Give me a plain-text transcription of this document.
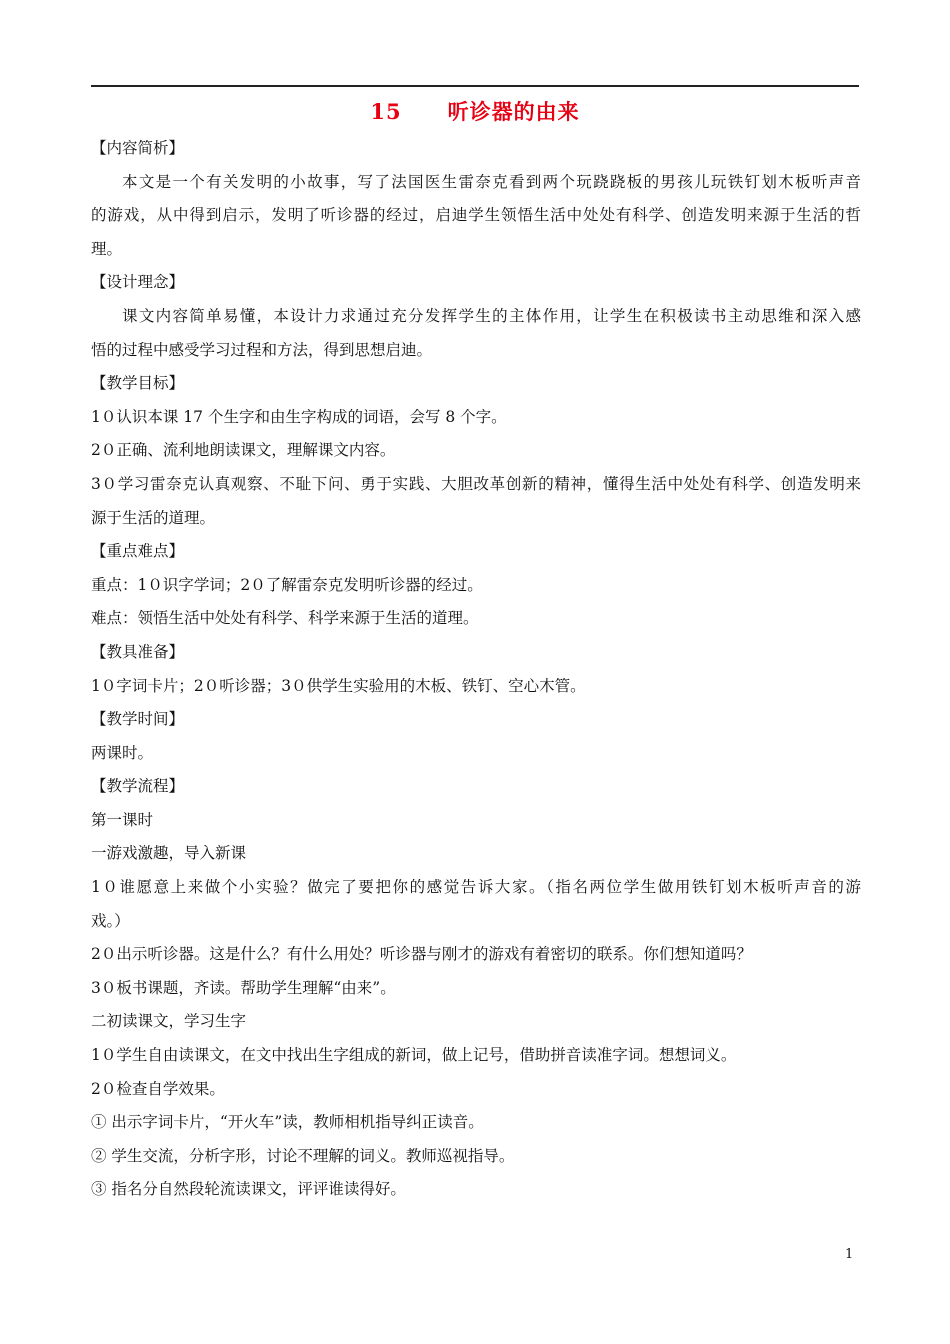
15 听诊器的由来
【内容简析】
本文是一个有关发明的小故事，写了法国医生雷奈克看到两个玩跷跷板的男孩儿玩铁钉划木板听声音
的游戏，从中得到启示，发明了听诊器的经过，启迪学生领悟生活中处处有科学、创造发明来源于生活的哲
理。
【设计理念】
课文内容简单易懂，本设计力求通过充分发挥学生的主体作用，让学生在积极读书主动思维和深入感
悟的过程中感受学习过程和方法，得到思想启迪。
【教学目标】
1０认识本课 17 个生字和由生字构成的词语，会写 8 个字。
2０正确、流利地朗读课文，理解课文内容。
3０学习雷奈克认真观察、不耻下问、勇于实践、大胆改革创新的精神，懂得生活中处处有科学、创造发明来
源于生活的道理。
【重点难点】
重点：1０识字学词；2０了解雷奈克发明听诊器的经过。
难点：领悟生活中处处有科学、科学来源于生活的道理。
【教具准备】
1０字词卡片；2０听诊器；3０供学生实验用的木板、铁钉、空心木管。
【教学时间】
两课时。
【教学流程】
第一课时
一游戏激趣，导入新课
1０谁愿意上来做个小实验？做完了要把你的感觉告诉大家。（指名两位学生做用铁钉划木板听声音的游
戏。）
2０出示听诊器。这是什么？有什么用处？听诊器与刚才的游戏有着密切的联系。你们想知道吗？
3０板书课题，齐读。帮助学生理解“由来”。
二初读课文，学习生字
1０学生自由读课文，在文中找出生字组成的新词，做上记号，借助拼音读准字词。想想词义。
2０检查自学效果。
① 出示字词卡片，“开火车”读，教师相机指导纠正读音。
② 学生交流，分析字形，讨论不理解的词义。教师巡视指导。
③ 指名分自然段轮流读课文，评评谁读得好。
1
